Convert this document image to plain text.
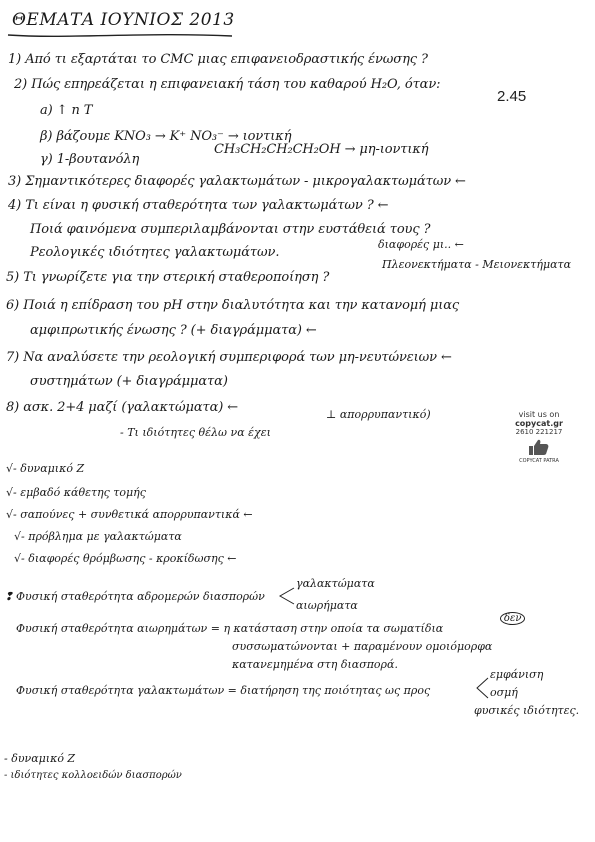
ΘΕΜΑΤΑ ΙΟΥΝΙΟΣ 2013
2.45
1) Από τι εξαρτάται το CMC μιας επιφανειοδραστικής ένωσης ?
2) Πώς επηρεάζεται η επιφανειακή τάση του καθαρού H₂O, όταν:
a) ↑ n T
β) βάζουμε KNO₃ → K⁺ NO₃⁻ → ιοντική
γ) 1-βουτανόλη
CH₃CH₂CH₂CH₂OH → μη-ιοντική
3) Σημαντικότερες διαφορές γαλακτωμάτων - μικρογαλακτωμάτων ←
4) Τι είναι η φυσική σταθερότητα των γαλακτωμάτων ? ←
Ποιά φαινόμενα συμπεριλαμβάνονται στην ευστάθειά τους ?
Ρεολογικές ιδιότητες γαλακτωμάτων.
5) Τι γνωρίζετε για την στερική σταθεροποίηση ?
διαφορές μι.. ←
Πλεονεκτήματα - Μειονεκτήματα
6) Ποιά η επίδραση του pH στην διαλυτότητα και την κατανομή μιας
αμφιπρωτικής ένωσης ? (+ διαγράμματα) ←
7) Να αναλύσετε την ρεολογική συμπεριφορά των μη-νευτώνειων ←
συστημάτων (+ διαγράμματα)
8) ασκ. 2+4 μαζί (γαλακτώματα) ←
- Τι ιδιότητες θέλω να έχει
⊥ απορρυπαντικό)	visit us on
copycat.gr
2610 221217
COPYCAT PATRA
√- δυναμικό Z
√- εμβαδό κάθετης τομής
√- σαπούνες + συνθετικά απορρυπαντικά ←
√- πρόβλημα με γαλακτώματα
√- διαφορές θρόμβωσης - κροκίδωσης ←
❢ Φυσική σταθερότητα αδρομερών διασπορών
γαλακτώματα
αιωρήματα
Φυσική σταθερότητα αιωρημάτων = η κατάσταση στην οποία τα σωματίδια
δεν
συσσωματώνονται + παραμένουν ομοιόμορφα
κατανεμημένα στη διασπορά.
Φυσική σταθερότητα γαλακτωμάτων = διατήρηση της ποιότητας ως προς
εμφάνιση
οσμή
φυσικές ιδιότητες.
- δυναμικό Z
- ιδιότητες κολλοειδών διασπορών
